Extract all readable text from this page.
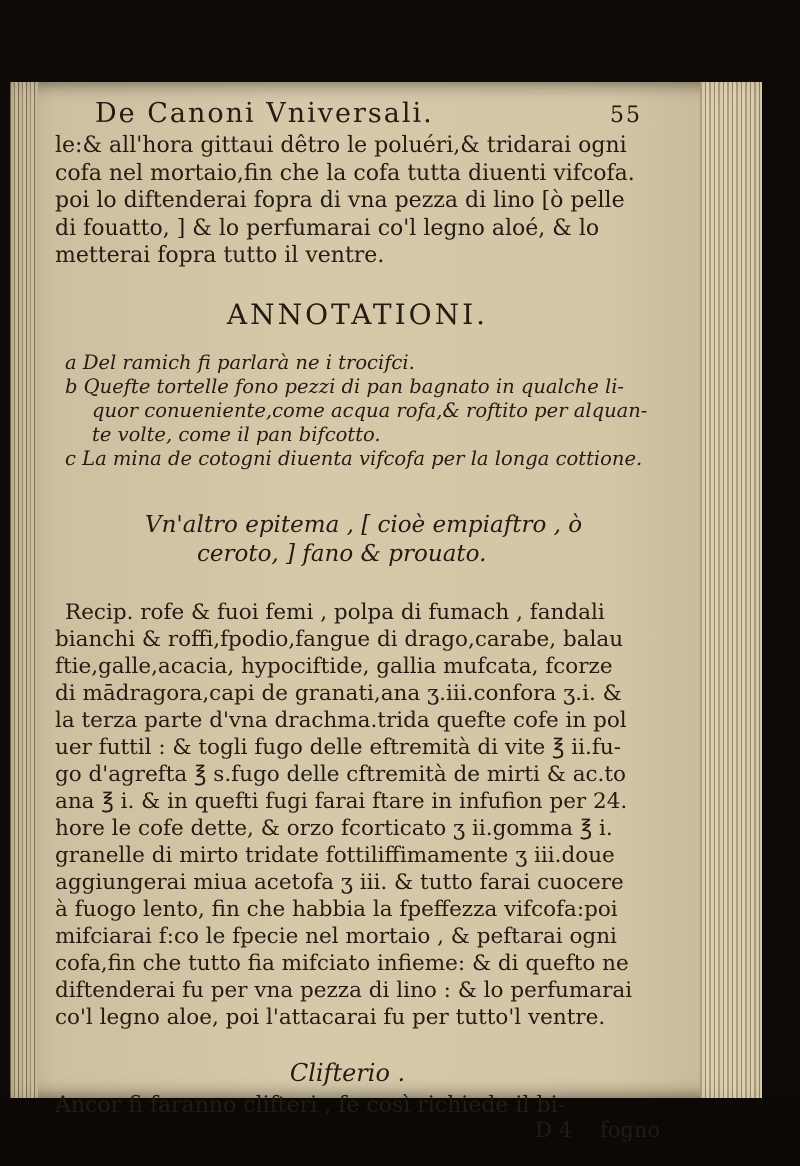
De Canoni Vniversali.	55
le:& all'hora gittaui dêtro le poluéri,& tridarai ogni
cofa nel mortaio,fin che la cofa tutta diuenti vifcofa.
poi lo diftenderai fopra di vna pezza di lino [ò pelle
di fouatto, ] & lo perfumarai co'l legno aloé, & lo
metterai fopra tutto il ventre.
ANNOTATIONI.
a Del ramich fi parlarà ne i trocifci.
b Quefte tortelle fono pezzi di pan bagnato in qualche li-
quor conueniente,come acqua rofa,& roftito per alquan-
te volte, come il pan bifcotto.
c La mina de cotogni diuenta vifcofa per la longa cottione.
Vn'altro epitema , [ cioè empiaftro , ò
ceroto, ] fano & prouato.
Recip. rofe & fuoi femi , polpa di fumach , fandali
bianchi & roffi,fpodio,fangue di drago,carabe, balau
ftie,galle,acacia, hypociftide, gallia mufcata, fcorze
di mādragora,capi de granati,ana ʒ.iii.confora ʒ.i. &
la terza parte d'vna drachma.trida quefte cofe in pol
uer futtil : & togli fugo delle eftremità di vite ℥ ii.fu-
go d'agrefta ℥ s.fugo delle cftremità de mirti & ac.to
ana ℥ i. & in quefti fugi farai ftare in infufion per 24.
hore le cofe dette, & orzo fcorticato ʒ ii.gomma ℥ i.
granelle di mirto tridate fottiliffimamente ʒ iii.doue
aggiungerai miua acetofa ʒ iii. & tutto farai cuocere
à fuogo lento, fin che habbia la fpeffezza vifcofa:poi
mifciarai f:co le fpecie nel mortaio , & peftarai ogni
cofa,fin che tutto fia mifciato infieme: & di quefto ne
diftenderai fu per vna pezza di lino : & lo perfumarai
co'l legno aloe, poi l'attacarai fu per tutto'l ventre.
Clifterio .
Ancor fi faranno clifteri , fe così richiede il bi-
D 4 fogno
